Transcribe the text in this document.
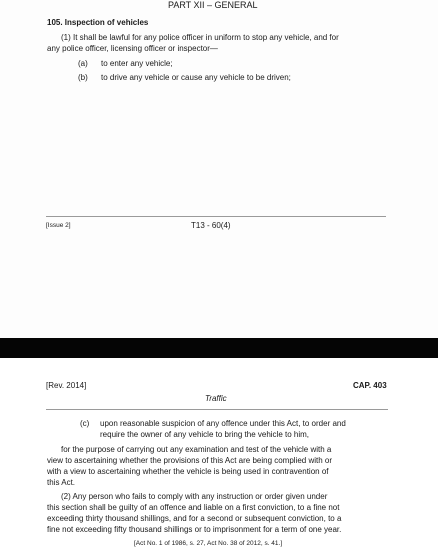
PART XII – GENERAL
105. Inspection of vehicles
(1) It shall be lawful for any police officer in uniform to stop any vehicle, and for
any police officer, licensing officer or inspector—
(a) to enter any vehicle;
(b) to drive any vehicle or cause any vehicle to be driven;
[Issue 2]	T13 - 60(4)
[Rev. 2014]	CAP. 403
Traffic
(c) upon reasonable suspicion of any offence under this Act, to order and
require the owner of any vehicle to bring the vehicle to him,
for the purpose of carrying out any examination and test of the vehicle with a
view to ascertaining whether the provisions of this Act are being complied with or
with a view to ascertaining whether the vehicle is being used in contravention of
this Act.
(2) Any person who fails to comply with any instruction or order given under
this section shall be guilty of an offence and liable on a first conviction, to a fine not
exceeding thirty thousand shillings, and for a second or subsequent conviction, to a
fine not exceeding fifty thousand shillings or to imprisonment for a term of one year.
[Act No. 1 of 1986, s. 27, Act No. 38 of 2012, s. 41.]
